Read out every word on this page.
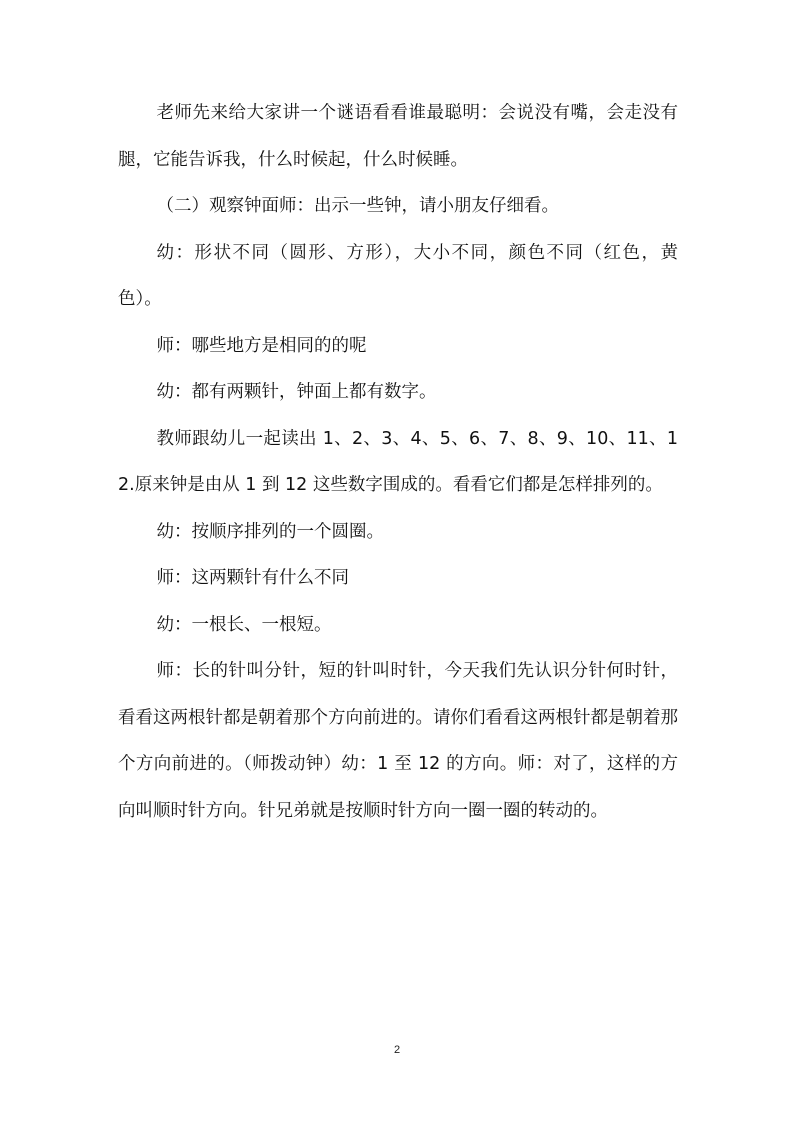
老师先来给大家讲一个谜语看看谁最聪明：会说没有嘴，会走没有腿，它能告诉我，什么时候起，什么时候睡。

（二）观察钟面师：出示一些钟，请小朋友仔细看。

幼：形状不同（圆形、方形），大小不同，颜色不同（红色，黄色）。

师：哪些地方是相同的的呢

幼：都有两颗针，钟面上都有数字。

教师跟幼儿一起读出 1、2、3、4、5、6、7、8、9、10、11、12.原来钟是由从 1 到 12 这些数字围成的。看看它们都是怎样排列的。

幼：按顺序排列的一个圆圈。

师：这两颗针有什么不同

幼：一根长、一根短。

师：长的针叫分针，短的针叫时针，今天我们先认识分针何时针，看看这两根针都是朝着那个方向前进的。请你们看看这两根针都是朝着那个方向前进的。（师拨动钟）幼：1 至 12 的方向。师：对了，这样的方向叫顺时针方向。针兄弟就是按顺时针方向一圈一圈的转动的。

2
